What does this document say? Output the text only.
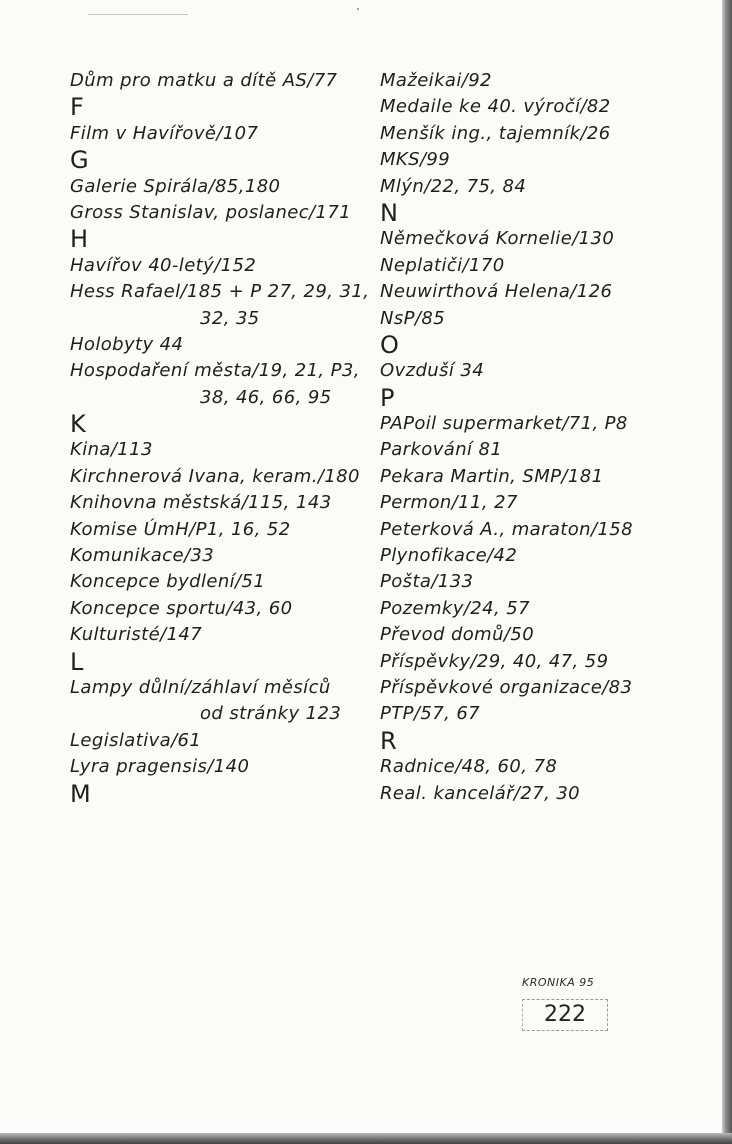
Dům pro matku a dítě AS/77
F
Film v Havířově/107
G
Galerie Spirála/85,180
Gross Stanislav, poslanec/171
H
Havířov 40-letý/152
Hess Rafael/185 + P 27, 29, 31,
32, 35
Holobyty 44
Hospodaření města/19, 21, P3,
38, 46, 66, 95
K
Kina/113
Kirchnerová Ivana, keram./180
Knihovna městská/115, 143
Komise ÚmH/P1, 16, 52
Komunikace/33
Koncepce bydlení/51
Koncepce sportu/43, 60
Kulturisté/147
L
Lampy důlní/záhlaví měsíců
od stránky 123
Legislativa/61
Lyra pragensis/140
M
Mažeikai/92
Medaile ke 40. výročí/82
Menšík ing., tajemník/26
MKS/99
Mlýn/22, 75, 84
N
Němečková Kornelie/130
Neplatiči/170
Neuwirthová Helena/126
NsP/85
O
Ovzduší 34
P
PAPoil supermarket/71, P8
Parkování 81
Pekara Martin, SMP/181
Permon/11, 27
Peterková A., maraton/158
Plynofikace/42
Pošta/133
Pozemky/24, 57
Převod domů/50
Příspěvky/29, 40, 47, 59
Příspěvkové organizace/83
PTP/57, 67
R
Radnice/48, 60, 78
Real. kancelář/27, 30
KRONIKA 95
222
